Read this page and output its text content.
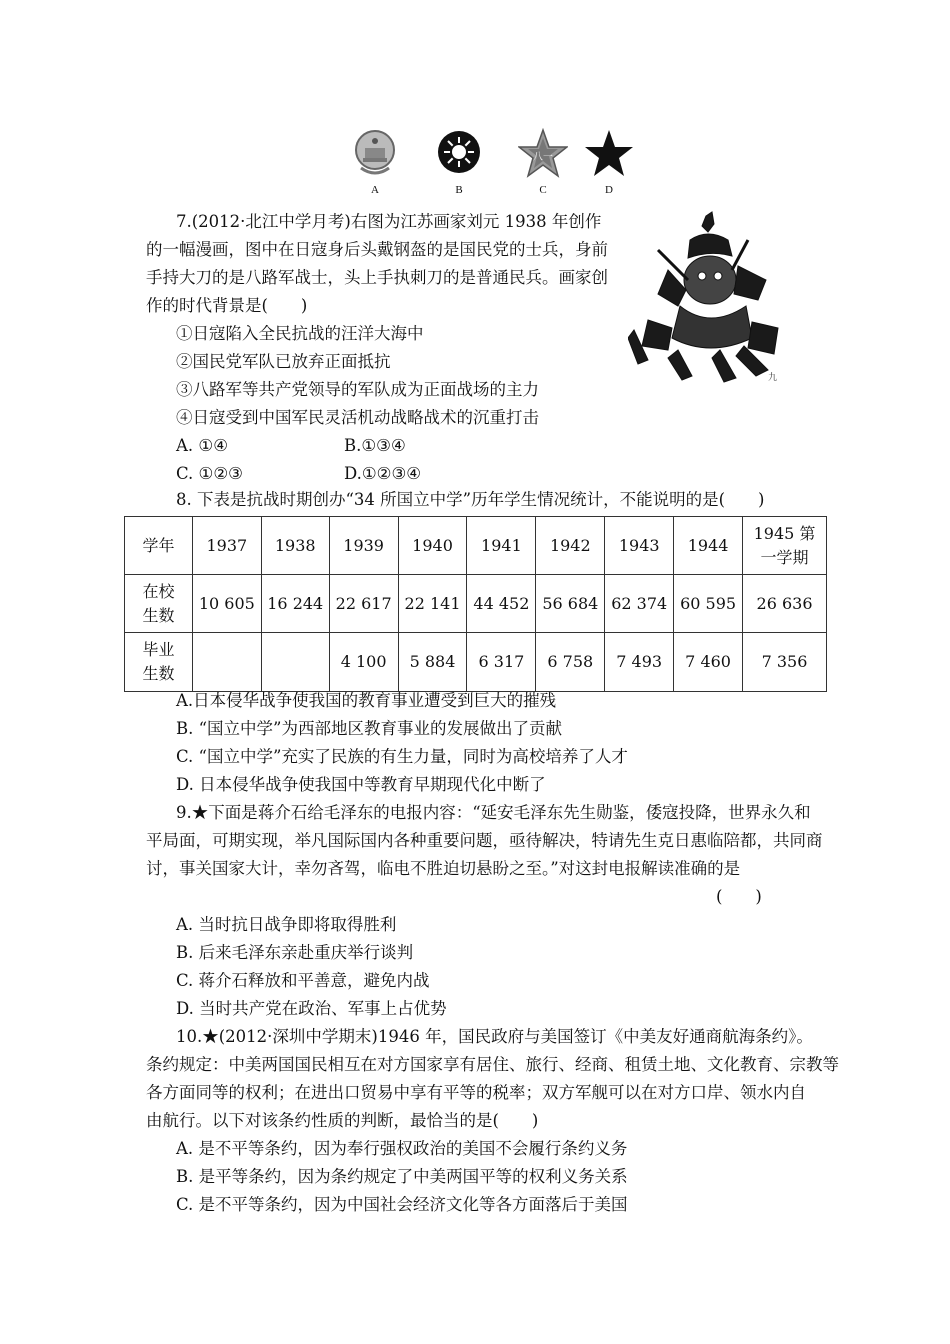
A	B
八一
C	D
九
7.(2012·北江中学月考)右图为江苏画家刘元 1938 年创作
的一幅漫画，图中在日寇身后头戴钢盔的是国民党的士兵，身前
手持大刀的是八路军战士，头上手执刺刀的是普通民兵。画家创
作的时代背景是(　　)
①日寇陷入全民抗战的汪洋大海中
②国民党军队已放弃正面抵抗
③八路军等共产党领导的军队成为正面战场的主力
④日寇受到中国军民灵活机动战略战术的沉重打击
A. ①④	B.①③④
C. ①②③	D.①②③④
8. 下表是抗战时期创办“34 所国立中学”历年学生情况统计，不能说明的是(　　)
学年	1937	1938	1939	1940	1941	1942	1943	1944	1945 第一学期
在校生数	10 605	16 244	22 617	22 141	44 452	56 684	62 374	60 595	26 636
毕业生数			4 100	5 884	6 317	6 758	7 493	7 460	7 356
A.日本侵华战争使我国的教育事业遭受到巨大的摧残
B. “国立中学”为西部地区教育事业的发展做出了贡献
C. “国立中学”充实了民族的有生力量，同时为高校培养了人才
D. 日本侵华战争使我国中等教育早期现代化中断了
9.★下面是蒋介石给毛泽东的电报内容：“延安毛泽东先生勋鉴，倭寇投降，世界永久和
平局面，可期实现，举凡国际国内各种重要问题，亟待解决，特请先生克日惠临陪都，共同商
讨，事关国家大计，幸勿吝驾，临电不胜迫切悬盼之至。”对这封电报解读准确的是
(　　)
A. 当时抗日战争即将取得胜利
B. 后来毛泽东亲赴重庆举行谈判
C. 蒋介石释放和平善意，避免内战
D. 当时共产党在政治、军事上占优势
10.★(2012·深圳中学期末)1946 年，国民政府与美国签订《中美友好通商航海条约》。
条约规定：中美两国国民相互在对方国家享有居住、旅行、经商、租赁土地、文化教育、宗教等
各方面同等的权利；在进出口贸易中享有平等的税率；双方军舰可以在对方口岸、领水内自
由航行。以下对该条约性质的判断，最恰当的是(　　)
A. 是不平等条约，因为奉行强权政治的美国不会履行条约义务
B. 是平等条约，因为条约规定了中美两国平等的权利义务关系
C. 是不平等条约，因为中国社会经济文化等各方面落后于美国
